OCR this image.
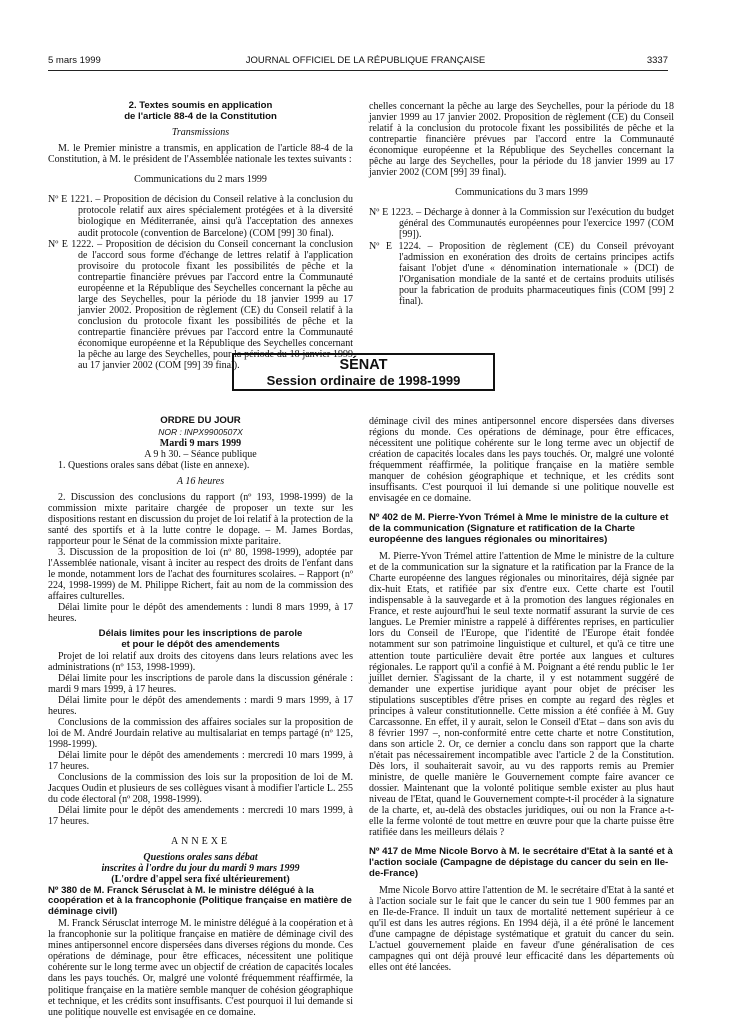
5 mars 1999	JOURNAL OFFICIEL DE LA RÉPUBLIQUE FRANÇAISE	3337
2. Textes soumis en application
de l'article 88-4 de la Constitution

Transmissions

M. le Premier ministre a transmis, en application de l'article 88-4 de la Constitution, à M. le président de l'Assemblée nationale les textes suivants :

Communications du 2 mars 1999

Nº E 1221. – Proposition de décision du Conseil relative à la conclusion du protocole relatif aux aires spécialement protégées et à la diversité biologique en Méditerranée, ainsi qu'à l'acceptation des annexes audit protocole (convention de Barcelone) (COM [99] 30 final).

Nº E 1222. – Proposition de décision du Conseil concernant la conclusion de l'accord sous forme d'échange de lettres relatif à l'application provisoire du protocole fixant les possibilités de pêche et la contrepartie financière prévues par l'accord entre la Communauté européenne et la République des Seychelles concernant la pêche au large des Seychelles, pour la période du 18 janvier 1999 au 17 janvier 2002. Proposition de règlement (CE) du Conseil relatif à la conclusion du protocole fixant les possibilités de pêche et la contrepartie financière prévues par l'accord entre la Communauté économique européenne et la République des Seychelles concernant la pêche au large des Seychelles, pour la période du 18 janvier 1999 au 17 janvier 2002 (COM [99] 39 final).

chelles concernant la pêche au large des Seychelles, pour la période du 18 janvier 1999 au 17 janvier 2002. Proposition de règlement (CE) du Conseil relatif à la conclusion du protocole fixant les possibilités de pêche et la contrepartie financière prévues par l'accord entre la Communauté économique européenne et la République des Seychelles concernant la pêche au large des Seychelles, pour la période du 18 janvier 1999 au 17 janvier 2002 (COM [99] 39 final).

Communications du 3 mars 1999

Nº E 1223. – Décharge à donner à la Commission sur l'exécution du budget général des Communautés européennes pour l'exercice 1997 (COM [99]).

Nº E 1224. – Proposition de règlement (CE) du Conseil prévoyant l'admission en exonération des droits de certains principes actifs faisant l'objet d'une « dénomination internationale » (DCI) de l'Organisation mondiale de la santé et de certains produits utilisés pour la fabrication de produits pharmaceutiques finis (COM [99] 2 final).

SÉNAT
Session ordinaire de 1998-1999
ORDRE DU JOUR

NOR : INPX9900507X

Mardi 9 mars 1999

A 9 h 30. – Séance publique

1. Questions orales sans débat (liste en annexe).

A 16 heures

2. Discussion des conclusions du rapport (nº 193, 1998-1999) de la commission mixte paritaire chargée de proposer un texte sur les dispositions restant en discussion du projet de loi relatif à la protection de la santé des sportifs et à la lutte contre le dopage. – M. James Bordas, rapporteur pour le Sénat de la commission mixte paritaire.

3. Discussion de la proposition de loi (nº 80, 1998-1999), adoptée par l'Assemblée nationale, visant à inciter au respect des droits de l'enfant dans le monde, notamment lors de l'achat des fournitures scolaires. – Rapport (nº 224, 1998-1999) de M. Philippe Richert, fait au nom de la commission des affaires culturelles.

Délai limite pour le dépôt des amendements : lundi 8 mars 1999, à 17 heures.

Délais limites pour les inscriptions de parole
et pour le dépôt des amendements

Projet de loi relatif aux droits des citoyens dans leurs relations avec les administrations (nº 153, 1998-1999).

Délai limite pour les inscriptions de parole dans la discussion générale : mardi 9 mars 1999, à 17 heures.

Délai limite pour le dépôt des amendements : mardi 9 mars 1999, à 17 heures.

Conclusions de la commission des affaires sociales sur la proposition de loi de M. André Jourdain relative au multisalariat en temps partagé (nº 125, 1998-1999).

Délai limite pour le dépôt des amendements : mercredi 10 mars 1999, à 17 heures.

Conclusions de la commission des lois sur la proposition de loi de M. Jacques Oudin et plusieurs de ses collègues visant à modifier l'article L. 255 du code électoral (nº 208, 1998-1999).

Délai limite pour le dépôt des amendements : mercredi 10 mars 1999, à 17 heures.

ANNEXE

Questions orales sans débat

inscrites à l'ordre du jour du mardi 9 mars 1999

(L'ordre d'appel sera fixé ultérieurement)

Nº 380 de M. Franck Sérusclat à M. le ministre délégué à la coopération et à la francophonie (Politique française en matière de déminage civil)

M. Franck Sérusclat interroge M. le ministre délégué à la coopération et à la francophonie sur la politique française en matière de déminage civil des mines antipersonnel encore dispersées dans diverses régions du monde. Ces opérations de déminage, pour être efficaces, nécessitent une politique cohérente sur le long terme avec un objectif de création de capacités locales dans les pays touchés. Or, malgré une volonté fréquemment réaffirmée, la politique française en la matière semble manquer de cohésion géographique et technique, et les crédits sont insuffisants. C'est pourquoi il lui demande si une politique nouvelle est envisagée en ce domaine.

déminage civil des mines antipersonnel encore dispersées dans diverses régions du monde. Ces opérations de déminage, pour être efficaces, nécessitent une politique cohérente sur le long terme avec un objectif de création de capacités locales dans les pays touchés. Or, malgré une volonté fréquemment réaffirmée, la politique française en la matière semble manquer de cohésion géographique et technique, et les crédits sont insuffisants. C'est pourquoi il lui demande si une politique nouvelle est envisagée en ce domaine.

Nº 402 de M. Pierre-Yvon Trémel à Mme le ministre de la culture et de la communication (Signature et ratification de la Charte européenne des langues régionales ou minoritaires)

M. Pierre-Yvon Trémel attire l'attention de Mme le ministre de la culture et de la communication sur la signature et la ratification par la France de la Charte européenne des langues régionales ou minoritaires, déjà signée par dix-huit Etats, et ratifiée par six d'entre eux. Cette charte est l'outil indispensable à la sauvegarde et à la promotion des langues régionales en France, et reste aujourd'hui le seul texte normatif assurant la survie de ces langues. Le Premier ministre a rappelé à différentes reprises, en particulier lors du Conseil de l'Europe, que l'identité de l'Europe était fondée notamment sur son patrimoine linguistique et culturel, et qu'à ce titre une attention toute particulière devait être portée aux langues et cultures régionales. Le rapport qu'il a confié à M. Poignant a été rendu public le 1er juillet dernier. S'agissant de la charte, il y est notamment suggéré de demander une expertise juridique ayant pour objet de préciser les stipulations susceptibles d'être prises en compte au regard des règles et principes à valeur constitutionnelle. Cette mission a été confiée à M. Guy Carcassonne. En effet, il y aurait, selon le Conseil d'Etat – dans son avis du 8 février 1997 –, non-conformité entre cette charte et notre Constitution, dans son article 2. Or, ce dernier a conclu dans son rapport que la charte n'était pas nécessairement incompatible avec l'article 2 de la Constitution. Dès lors, il souhaiterait savoir, au vu des rapports remis au Premier ministre, de quelle manière le Gouvernement compte faire avancer ce dossier. Maintenant que la volonté politique semble exister au plus haut niveau de l'Etat, quand le Gouvernement compte-t-il procéder à la signature de la charte, et, au-delà des obstacles juridiques, oui ou non la France a-t-elle la ferme volonté de tout mettre en œuvre pour que la charte puisse être ratifiée dans les meilleurs délais ?

Nº 417 de Mme Nicole Borvo à M. le secrétaire d'Etat à la santé et à l'action sociale (Campagne de dépistage du cancer du sein en Ile-de-France)

Mme Nicole Borvo attire l'attention de M. le secrétaire d'Etat à la santé et à l'action sociale sur le fait que le cancer du sein tue 1 900 femmes par an en Ile-de-France. Il induit un taux de mortalité nettement supérieur à ce qu'il est dans les autres régions. En 1994 déjà, il a été prôné le lancement d'une campagne de dépistage systématique et gratuit du cancer du sein. L'actuel gouvernement plaide en faveur d'une généralisation de ces campagnes qui ont déjà prouvé leur efficacité dans les départements où elles ont été lancées.
